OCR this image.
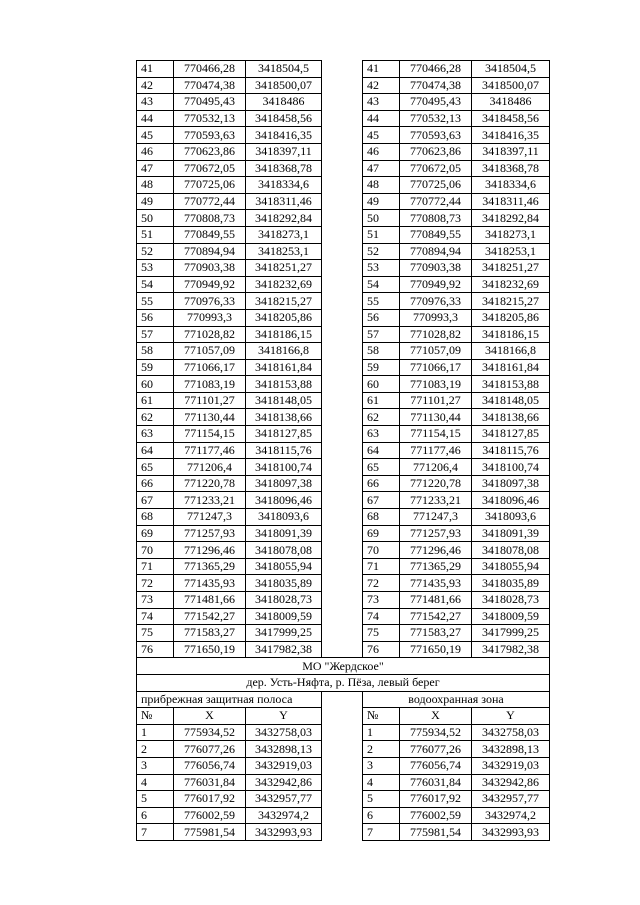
41	770466,28	3418504,5		41	770466,28	3418504,5
42	770474,38	3418500,07		42	770474,38	3418500,07
43	770495,43	3418486		43	770495,43	3418486
44	770532,13	3418458,56		44	770532,13	3418458,56
45	770593,63	3418416,35		45	770593,63	3418416,35
46	770623,86	3418397,11		46	770623,86	3418397,11
47	770672,05	3418368,78		47	770672,05	3418368,78
48	770725,06	3418334,6		48	770725,06	3418334,6
49	770772,44	3418311,46		49	770772,44	3418311,46
50	770808,73	3418292,84		50	770808,73	3418292,84
51	770849,55	3418273,1		51	770849,55	3418273,1
52	770894,94	3418253,1		52	770894,94	3418253,1
53	770903,38	3418251,27		53	770903,38	3418251,27
54	770949,92	3418232,69		54	770949,92	3418232,69
55	770976,33	3418215,27		55	770976,33	3418215,27
56	770993,3	3418205,86		56	770993,3	3418205,86
57	771028,82	3418186,15		57	771028,82	3418186,15
58	771057,09	3418166,8		58	771057,09	3418166,8
59	771066,17	3418161,84		59	771066,17	3418161,84
60	771083,19	3418153,88		60	771083,19	3418153,88
61	771101,27	3418148,05		61	771101,27	3418148,05
62	771130,44	3418138,66		62	771130,44	3418138,66
63	771154,15	3418127,85		63	771154,15	3418127,85
64	771177,46	3418115,76		64	771177,46	3418115,76
65	771206,4	3418100,74		65	771206,4	3418100,74
66	771220,78	3418097,38		66	771220,78	3418097,38
67	771233,21	3418096,46		67	771233,21	3418096,46
68	771247,3	3418093,6		68	771247,3	3418093,6
69	771257,93	3418091,39		69	771257,93	3418091,39
70	771296,46	3418078,08		70	771296,46	3418078,08
71	771365,29	3418055,94		71	771365,29	3418055,94
72	771435,93	3418035,89		72	771435,93	3418035,89
73	771481,66	3418028,73		73	771481,66	3418028,73
74	771542,27	3418009,59		74	771542,27	3418009,59
75	771583,27	3417999,25		75	771583,27	3417999,25
76	771650,19	3417982,38		76	771650,19	3417982,38
МО "Жердское"						
дер. Усть-Няфта, р. Пёза, левый берег						
прибрежная защитная полоса				водоохранная зона		
№	X	Y		№	X	Y
1	775934,52	3432758,03		1	775934,52	3432758,03
2	776077,26	3432898,13		2	776077,26	3432898,13
3	776056,74	3432919,03		3	776056,74	3432919,03
4	776031,84	3432942,86		4	776031,84	3432942,86
5	776017,92	3432957,77		5	776017,92	3432957,77
6	776002,59	3432974,2		6	776002,59	3432974,2
7	775981,54	3432993,93		7	775981,54	3432993,93
